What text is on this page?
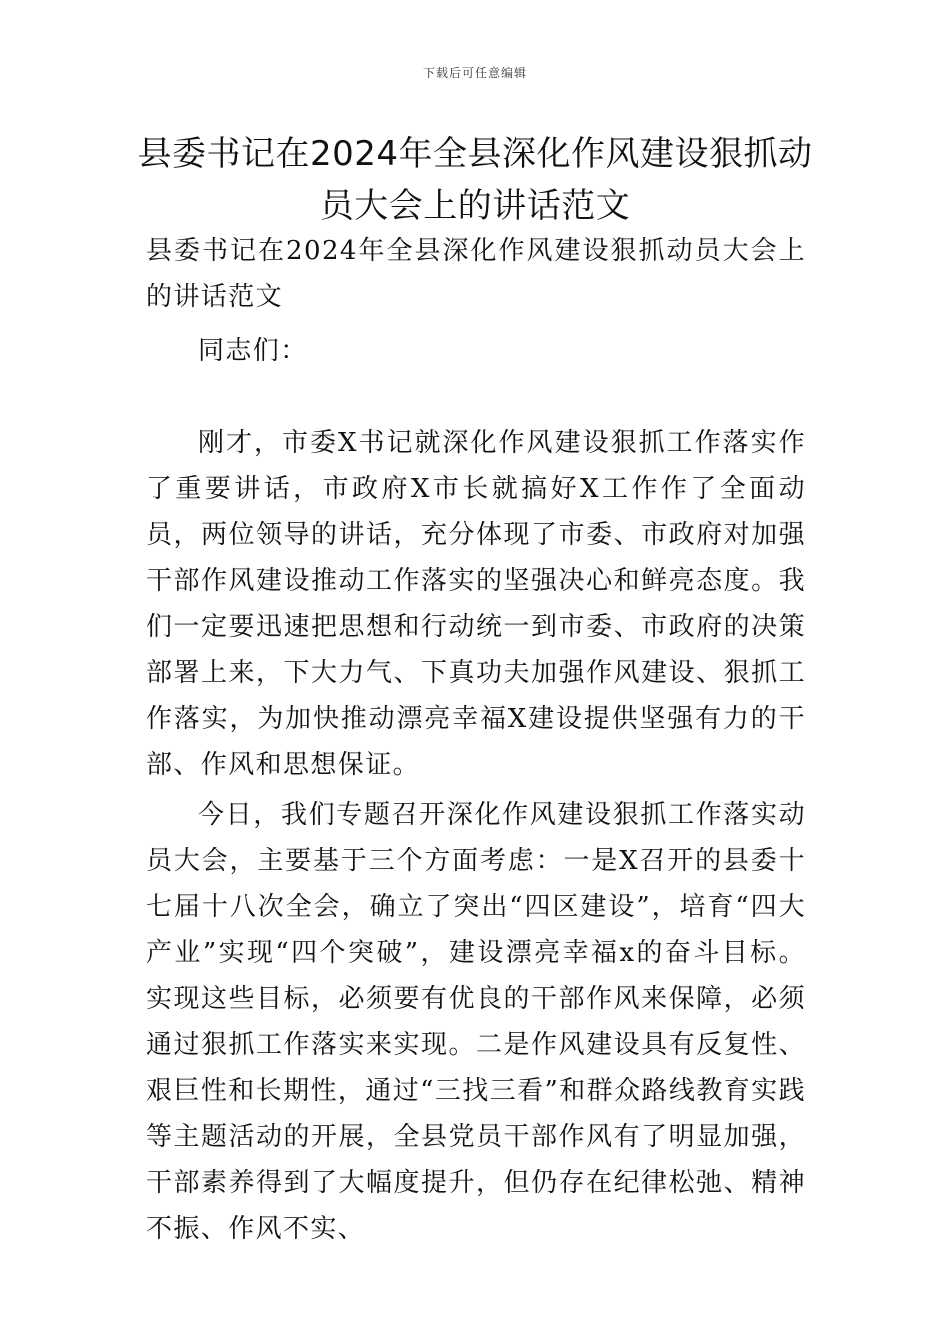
下载后可任意编辑
县委书记在2024年全县深化作风建设狠抓动员大会上的讲话范文

县委书记在2024年全县深化作风建设狠抓动员大会上的讲话范文

同志们：

刚才，市委X书记就深化作风建设狠抓工作落实作了重要讲话，市政府X市长就搞好X工作作了全面动员，两位领导的讲话，充分体现了市委、市政府对加强干部作风建设推动工作落实的坚强决心和鲜亮态度。我们一定要迅速把思想和行动统一到市委、市政府的决策部署上来，下大力气、下真功夫加强作风建设、狠抓工作落实，为加快推动漂亮幸福X建设提供坚强有力的干部、作风和思想保证。

今日，我们专题召开深化作风建设狠抓工作落实动员大会，主要基于三个方面考虑：一是X召开的县委十七届十八次全会，确立了突出“四区建设”，培育“四大产业”实现“四个突破”，建设漂亮幸福x的奋斗目标。实现这些目标，必须要有优良的干部作风来保障，必须通过狠抓工作落实来实现。二是作风建设具有反复性、艰巨性和长期性，通过“三找三看”和群众路线教育实践等主题活动的开展，全县党员干部作风有了明显加强，干部素养得到了大幅度提升，但仍存在纪律松弛、精神不振、作风不实、
